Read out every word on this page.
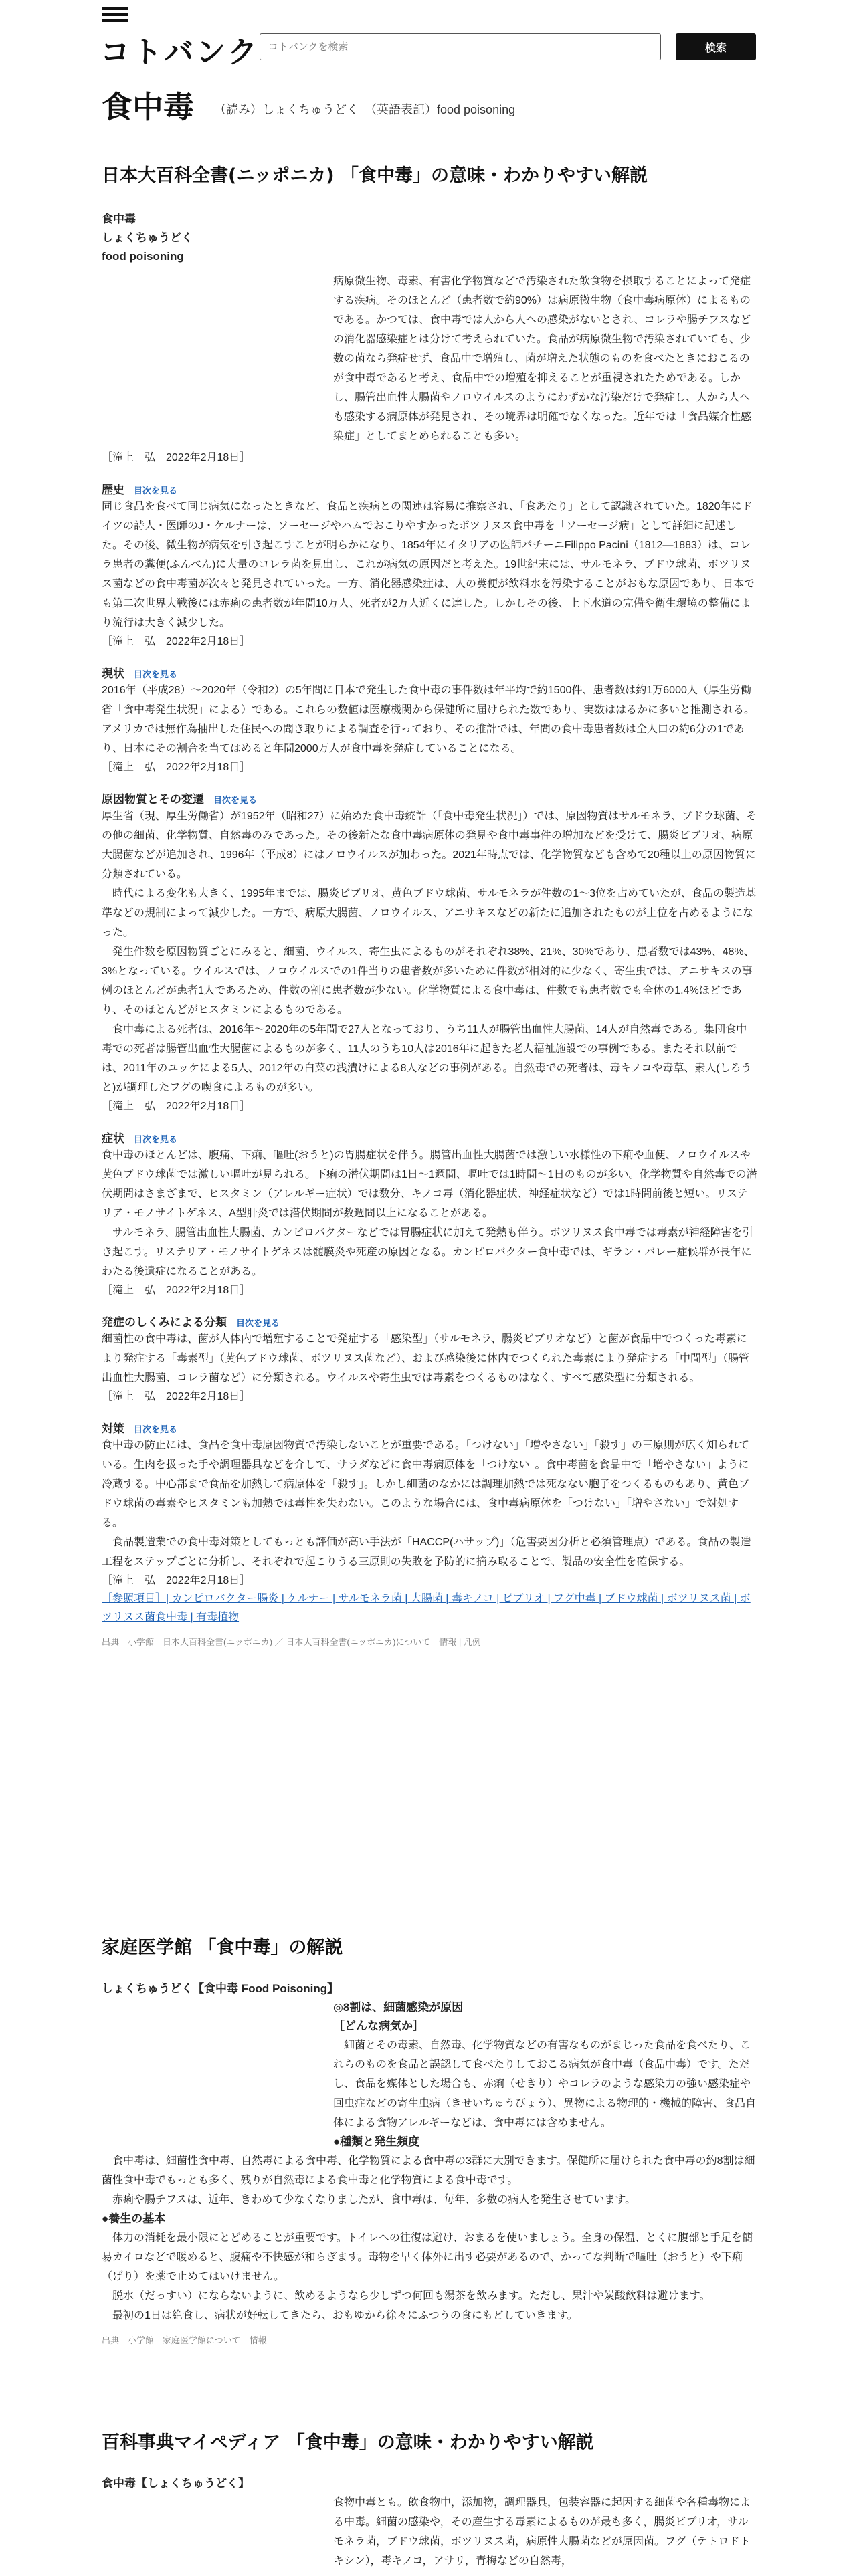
コトバンク
コトバンクを検索	検索
食中毒 （読み）しょくちゅうどく　（英語表記）food poisoning
日本大百科全書(ニッポニカ) 「食中毒」の意味・わかりやすい解説
食中毒
しょくちゅうどく
food poisoning
病原微生物、毒素、有害化学物質などで汚染された飲食物を摂取することによって発症する疾病。そのほとんど（患者数で約90%）は病原微生物（食中毒病原体）によるものである。かつては、食中毒では人から人への感染がないとされ、コレラや腸チフスなどの消化器感染症とは分けて考えられていた。食品が病原微生物で汚染されていても、少数の菌なら発症せず、食品中で増殖し、菌が増えた状態のものを食べたときにおこるのが食中毒であると考え、食品中での増殖を抑えることが重視されたためである。しかし、腸管出血性大腸菌やノロウイルスのようにわずかな汚染だけで発症し、人から人へも感染する病原体が発見され、その境界は明確でなくなった。近年では「食品媒介性感染症」としてまとめられることも多い。
［滝上　弘　2022年2月18日］
歴史 目次を見る
同じ食品を食べて同じ病気になったときなど、食品と疾病との関連は容易に推察され、「食あたり」として認識されていた。1820年にドイツの詩人・医師のJ・ケルナーは、ソーセージやハムでおこりやすかったボツリヌス食中毒を「ソーセージ病」として詳細に記述した。その後、微生物が病気を引き起こすことが明らかになり、1854年にイタリアの医師パチーニFilippo Pacini（1812―1883）は、コレラ患者の糞便(ふんべん)に大量のコレラ菌を見出し、これが病気の原因だと考えた。19世紀末には、サルモネラ、ブドウ球菌、ボツリヌス菌などの食中毒菌が次々と発見されていった。一方、消化器感染症は、人の糞便が飲料水を汚染することがおもな原因であり、日本でも第二次世界大戦後には赤痢の患者数が年間10万人、死者が2万人近くに達した。しかしその後、上下水道の完備や衛生環境の整備により流行は大きく減少した。
［滝上　弘　2022年2月18日］
現状 目次を見る
2016年（平成28）～2020年（令和2）の5年間に日本で発生した食中毒の事件数は年平均で約1500件、患者数は約1万6000人（厚生労働省「食中毒発生状況」による）である。これらの数値は医療機関から保健所に届けられた数であり、実数ははるかに多いと推測される。アメリカでは無作為抽出した住民への聞き取りによる調査を行っており、その推計では、年間の食中毒患者数は全人口の約6分の1であり、日本にその割合を当てはめると年間2000万人が食中毒を発症していることになる。
［滝上　弘　2022年2月18日］
原因物質とその変遷 目次を見る
厚生省（現、厚生労働省）が1952年（昭和27）に始めた食中毒統計（「食中毒発生状況」）では、原因物質はサルモネラ、ブドウ球菌、その他の細菌、化学物質、自然毒のみであった。その後新たな食中毒病原体の発見や食中毒事件の増加などを受けて、腸炎ビブリオ、病原大腸菌などが追加され、1996年（平成8）にはノロウイルスが加わった。2021年時点では、化学物質なども含めて20種以上の原因物質に分類されている。
時代による変化も大きく、1995年までは、腸炎ビブリオ、黄色ブドウ球菌、サルモネラが件数の1～3位を占めていたが、食品の製造基準などの規制によって減少した。一方で、病原大腸菌、ノロウイルス、アニサキスなどの新たに追加されたものが上位を占めるようになった。
発生件数を原因物質ごとにみると、細菌、ウイルス、寄生虫によるものがそれぞれ38%、21%、30%であり、患者数では43%、48%、3%となっている。ウイルスでは、ノロウイルスでの1件当りの患者数が多いために件数が相対的に少なく、寄生虫では、アニサキスの事例のほとんどが患者1人であるため、件数の割に患者数が少ない。化学物質による食中毒は、件数でも患者数でも全体の1.4%ほどであり、そのほとんどがヒスタミンによるものである。
食中毒による死者は、2016年～2020年の5年間で27人となっており、うち11人が腸管出血性大腸菌、14人が自然毒である。集団食中毒での死者は腸管出血性大腸菌によるものが多く、11人のうち10人は2016年に起きた老人福祉施設での事例である。またそれ以前では、2011年のユッケによる5人、2012年の白菜の浅漬けによる8人などの事例がある。自然毒での死者は、毒キノコや毒草、素人(しろうと)が調理したフグの喫食によるものが多い。
［滝上　弘　2022年2月18日］
症状 目次を見る
食中毒のほとんどは、腹痛、下痢、嘔吐(おうと)の胃腸症状を伴う。腸管出血性大腸菌では激しい水様性の下痢や血便、ノロウイルスや黄色ブドウ球菌では激しい嘔吐が見られる。下痢の潜伏期間は1日～1週間、嘔吐では1時間～1日のものが多い。化学物質や自然毒での潜伏期間はさまざまで、ヒスタミン（アレルギー症状）では数分、キノコ毒（消化器症状、神経症状など）では1時間前後と短い。リステリア・モノサイトゲネス、A型肝炎では潜伏期間が数週間以上になることがある。
サルモネラ、腸管出血性大腸菌、カンピロバクターなどでは胃腸症状に加えて発熱も伴う。ボツリヌス食中毒では毒素が神経障害を引き起こす。リステリア・モノサイトゲネスは髄膜炎や死産の原因となる。カンピロバクター食中毒では、ギラン・バレー症候群が長年にわたる後遺症になることがある。
［滝上　弘　2022年2月18日］
発症のしくみによる分類 目次を見る
細菌性の食中毒は、菌が人体内で増殖することで発症する「感染型」（サルモネラ、腸炎ビブリオなど）と菌が食品中でつくった毒素により発症する「毒素型」（黄色ブドウ球菌、ボツリヌス菌など）、および感染後に体内でつくられた毒素により発症する「中間型」（腸管出血性大腸菌、コレラ菌など）に分類される。ウイルスや寄生虫では毒素をつくるものはなく、すべて感染型に分類される。
［滝上　弘　2022年2月18日］
対策 目次を見る
食中毒の防止には、食品を食中毒原因物質で汚染しないことが重要である。「つけない」「増やさない」「殺す」の三原則が広く知られている。生肉を扱った手や調理器具などを介して、サラダなどに食中毒病原体を「つけない」。食中毒菌を食品中で「増やさない」ように冷蔵する。中心部まで食品を加熱して病原体を「殺す」。しかし細菌のなかには調理加熱では死なない胞子をつくるものもあり、黄色ブドウ球菌の毒素やヒスタミンも加熱では毒性を失わない。このような場合には、食中毒病原体を「つけない」「増やさない」で対処する。
食品製造業での食中毒対策としてもっとも評価が高い手法が「HACCP(ハサップ)」（危害要因分析と必須管理点）である。食品の製造工程をステップごとに分析し、それぞれで起こりうる三原則の失敗を予防的に摘み取ることで、製品の安全性を確保する。
［滝上　弘　2022年2月18日］
［参照項目］| カンピロバクター腸炎 | ケルナー | サルモネラ菌 | 大腸菌 | 毒キノコ | ビブリオ | フグ中毒 | ブドウ球菌 | ボツリヌス菌 | ボツリヌス菌食中毒 | 有毒植物
出典　小学館　日本大百科全書(ニッポニカ) ／ 日本大百科全書(ニッポニカ)について　情報 | 凡例
家庭医学館 「食中毒」の解説
しょくちゅうどく【食中毒 Food Poisoning】
◎8割は、細菌感染が原因
［どんな病気か］
細菌とその毒素、自然毒、化学物質などの有害なものがまじった食品を食べたり、これらのものを食品と誤認して食べたりしておこる病気が食中毒（食品中毒）です。ただし、食品を媒体とした場合も、赤痢（せきり）やコレラのような感染力の強い感染症や回虫症などの寄生虫病（きせいちゅうびょう）、異物による物理的・機械的障害、食品自体による食物アレルギーなどは、食中毒には含めません。
●種類と発生頻度
食中毒は、細菌性食中毒、自然毒による食中毒、化学物質による食中毒の3群に大別できます。保健所に届けられた食中毒の約8割は細菌性食中毒でもっとも多く、残りが自然毒による食中毒と化学物質による食中毒です。
赤痢や腸チフスは、近年、きわめて少なくなりましたが、食中毒は、毎年、多数の病人を発生させています。
●養生の基本
体力の消耗を最小限にとどめることが重要です。トイレへの往復は避け、おまるを使いましょう。全身の保温、とくに腹部と手足を簡易カイロなどで暖めると、腹痛や不快感が和らぎます。毒物を早く体外に出す必要があるので、かってな判断で嘔吐（おうと）や下痢（げり）を薬で止めてはいけません。
脱水（だっすい）にならないように、飲めるようなら少しずつ何回も湯茶を飲みます。ただし、果汁や炭酸飲料は避けます。
最初の1日は絶食し、病状が好転してきたら、おもゆから徐々にふつうの食にもどしていきます。
出典　小学館　家庭医学館について　情報
百科事典マイペディア 「食中毒」の意味・わかりやすい解説
食中毒【しょくちゅうどく】
食物中毒とも。飲食物中，添加物，調理器具，包装容器に起因する細菌や各種毒物による中毒。細菌の感染や，その産生する毒素によるものが最も多く，腸炎ビブリオ，サルモネラ菌，ブドウ球菌，ボツリヌス菌，病原性大腸菌などが原因菌。フグ（テトロドトキシン），毒キノコ，アサリ，青梅などの自然毒，
